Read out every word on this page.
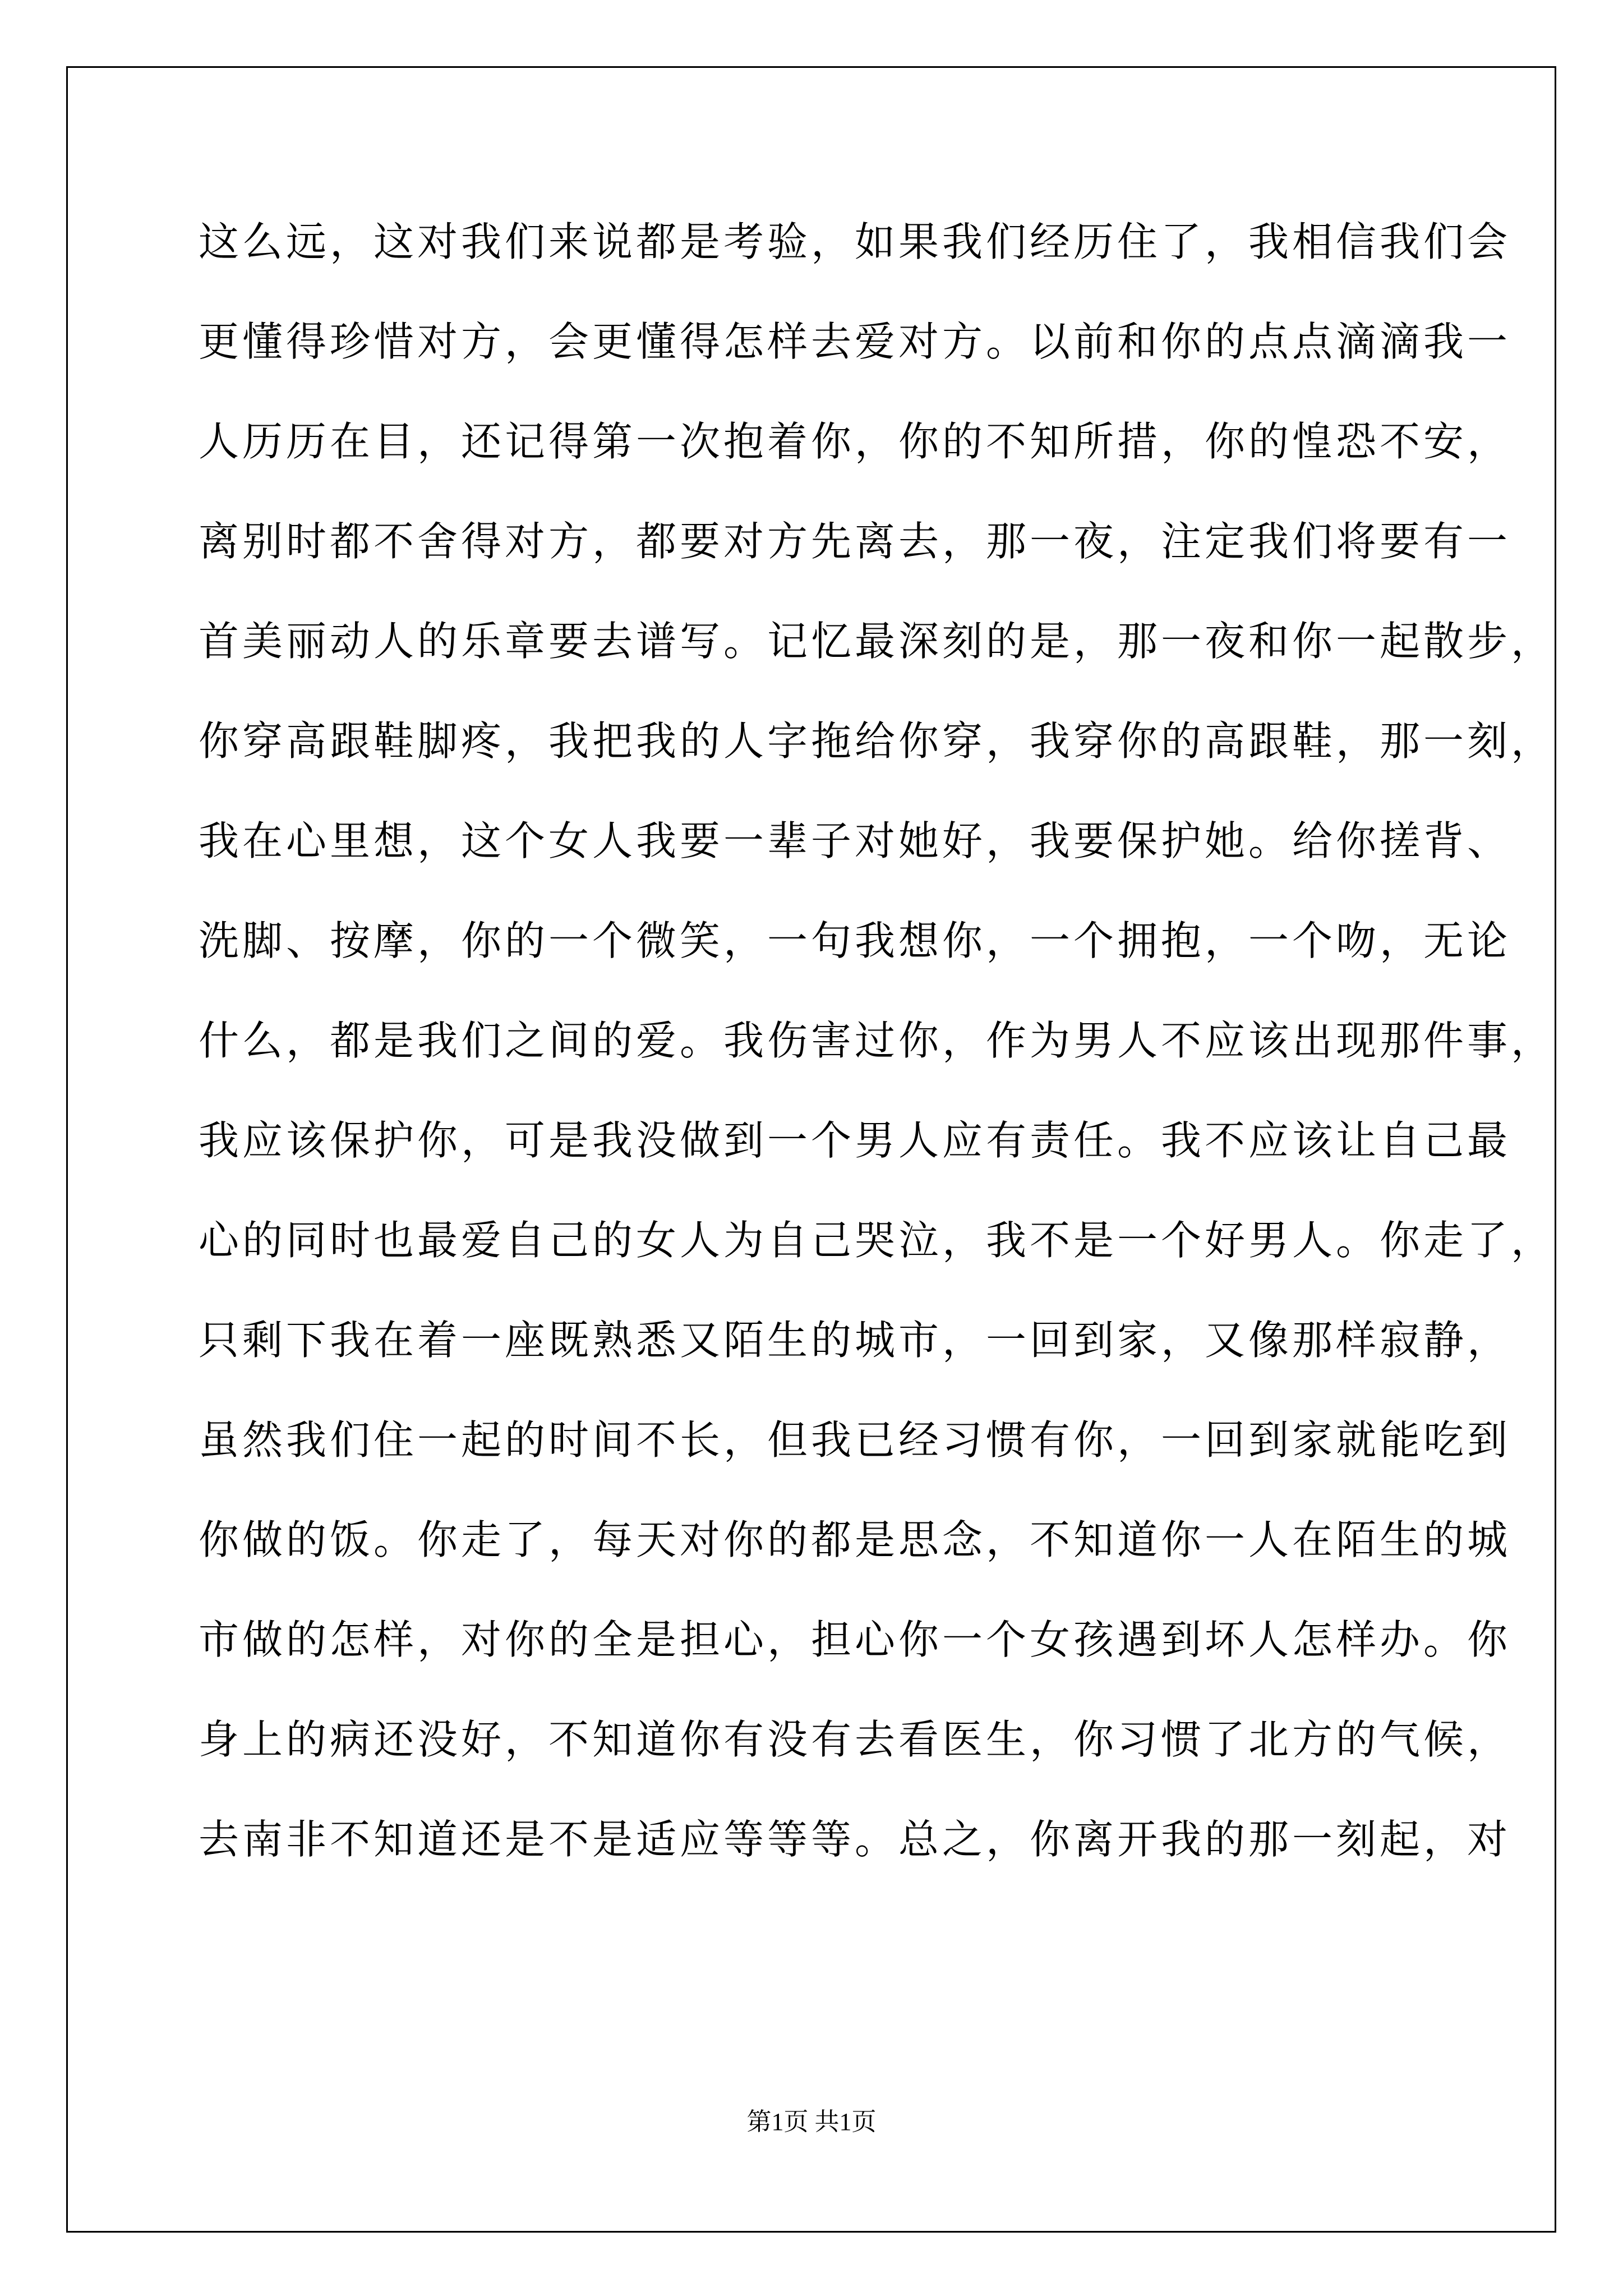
这么远，这对我们来说都是考验，如果我们经历住了，我相信我们会
更懂得珍惜对方，会更懂得怎样去爱对方。以前和你的点点滴滴我一
人历历在目，还记得第一次抱着你，你的不知所措，你的惶恐不安，
离别时都不舍得对方，都要对方先离去，那一夜，注定我们将要有一
首美丽动人的乐章要去谱写。记忆最深刻的是，那一夜和你一起散步，
你穿高跟鞋脚疼，我把我的人字拖给你穿，我穿你的高跟鞋，那一刻，
我在心里想，这个女人我要一辈子对她好，我要保护她。给你搓背、
洗脚、按摩，你的一个微笑，一句我想你，一个拥抱，一个吻，无论
什么，都是我们之间的爱。我伤害过你，作为男人不应该出现那件事，
我应该保护你，可是我没做到一个男人应有责任。我不应该让自己最
心的同时也最爱自己的女人为自己哭泣，我不是一个好男人。你走了，
只剩下我在着一座既熟悉又陌生的城市，一回到家，又像那样寂静，
虽然我们住一起的时间不长，但我已经习惯有你，一回到家就能吃到
你做的饭。你走了，每天对你的都是思念，不知道你一人在陌生的城
市做的怎样，对你的全是担心，担心你一个女孩遇到坏人怎样办。你
身上的病还没好，不知道你有没有去看医生，你习惯了北方的气候，
去南非不知道还是不是适应等等等。总之，你离开我的那一刻起，对
第1页 共1页
